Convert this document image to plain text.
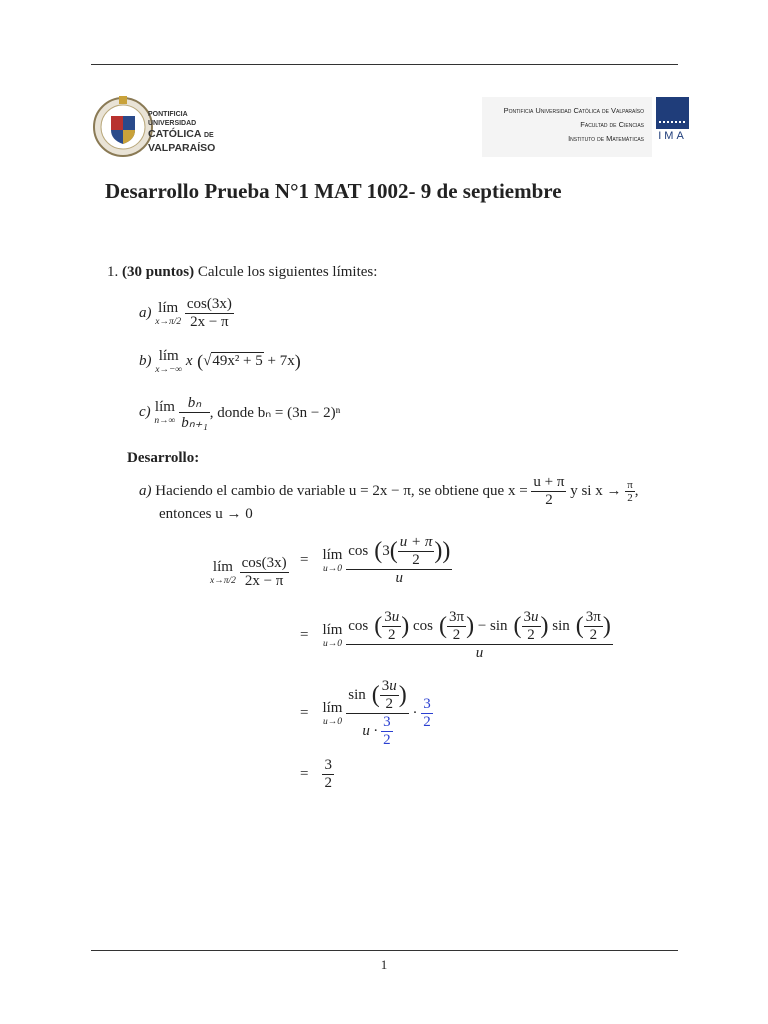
PONTIFICIA
UNIVERSIDAD
CATÓLICA DE
VALPARAÍSO
Pontificia Universidad Católica de Valparaíso
Facultad de Ciencias
Instituto de Matemáticas IMA
Desarrollo Prueba N°1 MAT 1002- 9 de septiembre
1.
(30 puntos)
Calcule los siguientes límites:
a)
lím
x→π/2
$\frac{\cos(3x)}{2x - \pi}$
b)
lím
x→−∞

x ( √ 49x² + 5
+ 7x )
c)
lím
n→∞
$\frac{\text{bₙ}}{\text{bₙ₊₁}}$ , donde bₙ = (3n − 2)ⁿ
Desarrollo:
a)
Haciendo el cambio de variable u = 2x − π, se obtiene que x =
$\frac{u + \pi}{2}$
y si x →
$\frac{\pi}{2}$ ,
entonces u → 0
lím
x→π/2
$\frac{\cos(3x)}{2x - \pi}$ = lím
u→0
$\frac{\cos ( 3 ( \frac{u + \pi}{2} ))}{u}$
= lím
u→0
$\frac{\cos ( \frac{3u}{2} ) \cos ( \frac{3\pi}{2} ) - \sin ( \frac{3u}{2} ) \sin ( \frac{3\pi}{2} )}{u}$
= lím
u→0
sin ( $\frac{3u}{2}$ )
u ·
$\frac{3}{2} \cdot \frac{3}{2}$
= $\frac{3}{2}$
1
